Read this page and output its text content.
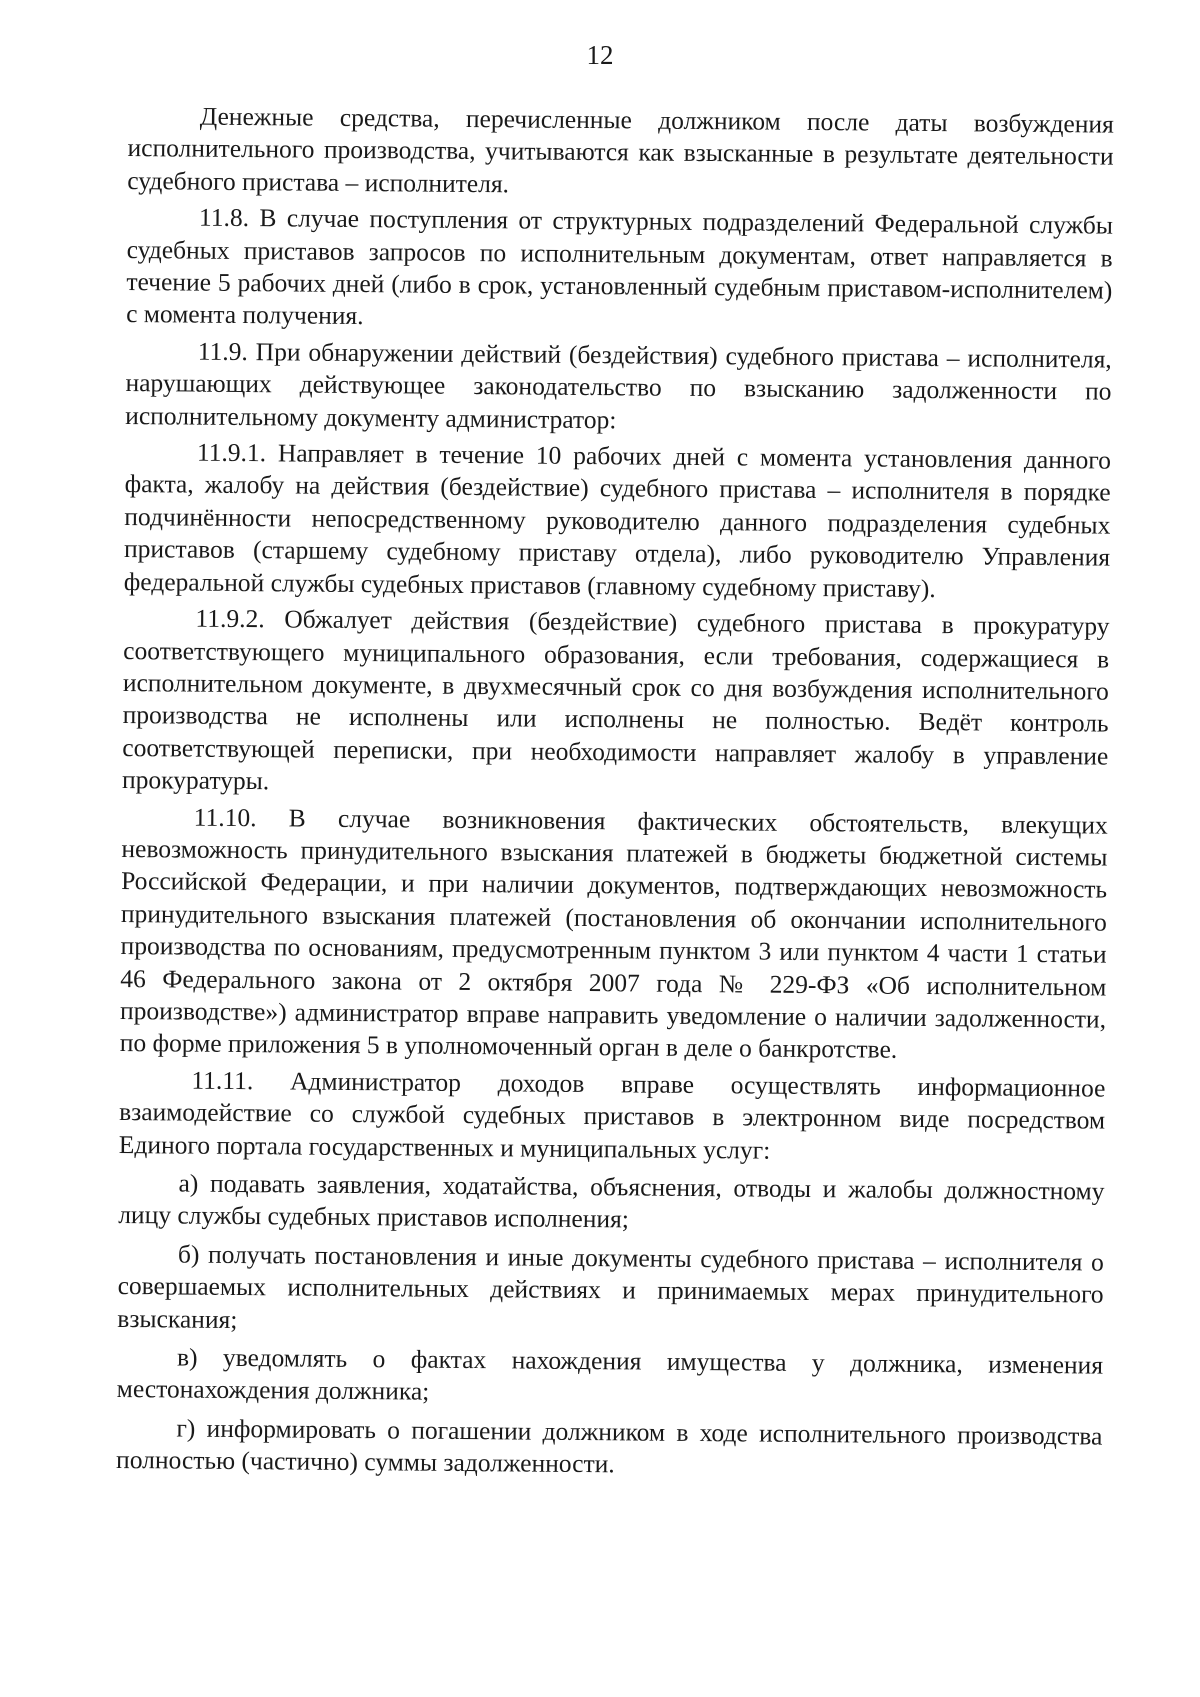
12

Денежные средства, перечисленные должником после даты возбуждения исполнительного производства, учитываются как взысканные в результате деятельности судебного пристава – исполнителя.

11.8. В случае поступления от структурных подразделений Федеральной службы судебных приставов запросов по исполнительным документам, ответ направляется в течение 5 рабочих дней (либо в срок, установленный судебным приставом-исполнителем) с момента получения.

11.9. При обнаружении действий (бездействия) судебного пристава – исполнителя, нарушающих действующее законодательство по взысканию задолженности по исполнительному документу администратор:

11.9.1. Направляет в течение 10 рабочих дней с момента установления данного факта, жалобу на действия (бездействие) судебного пристава – исполнителя в порядке подчинённости непосредственному руководителю данного подразделения судебных приставов (старшему судебному приставу отдела), либо руководителю Управления федеральной службы судебных приставов (главному судебному приставу).

11.9.2. Обжалует действия (бездействие) судебного пристава в прокуратуру соответствующего муниципального образования, если требования, содержащиеся в исполнительном документе, в двухмесячный срок со дня возбуждения исполнительного производства не исполнены или исполнены не полностью. Ведёт контроль соответствующей переписки, при необходимости направляет жалобу в управление прокуратуры.

11.10. В случае возникновения фактических обстоятельств, влекущих невозможность принудительного взыскания платежей в бюджеты бюджетной системы Российской Федерации, и при наличии документов, подтверждающих невозможность принудительного взыскания платежей (постановления об окончании исполнительного производства по основаниям, предусмотренным пунктом 3 или пунктом 4 части 1 статьи 46 Федерального закона от 2 октября 2007 года № 229-ФЗ «Об исполнительном производстве») администратор вправе направить уведомление о наличии задолженности, по форме приложения 5 в уполномоченный орган в деле о банкротстве.

11.11. Администратор доходов вправе осуществлять информационное взаимодействие со службой судебных приставов в электронном виде посредством Единого портала государственных и муниципальных услуг:

а) подавать заявления, ходатайства, объяснения, отводы и жалобы должностному лицу службы судебных приставов исполнения;

б) получать постановления и иные документы судебного пристава – исполнителя о совершаемых исполнительных действиях и принимаемых мерах принудительного взыскания;

в) уведомлять о фактах нахождения имущества у должника, изменения местонахождения должника;

г) информировать о погашении должником в ходе исполнительного производства полностью (частично) суммы задолженности.
